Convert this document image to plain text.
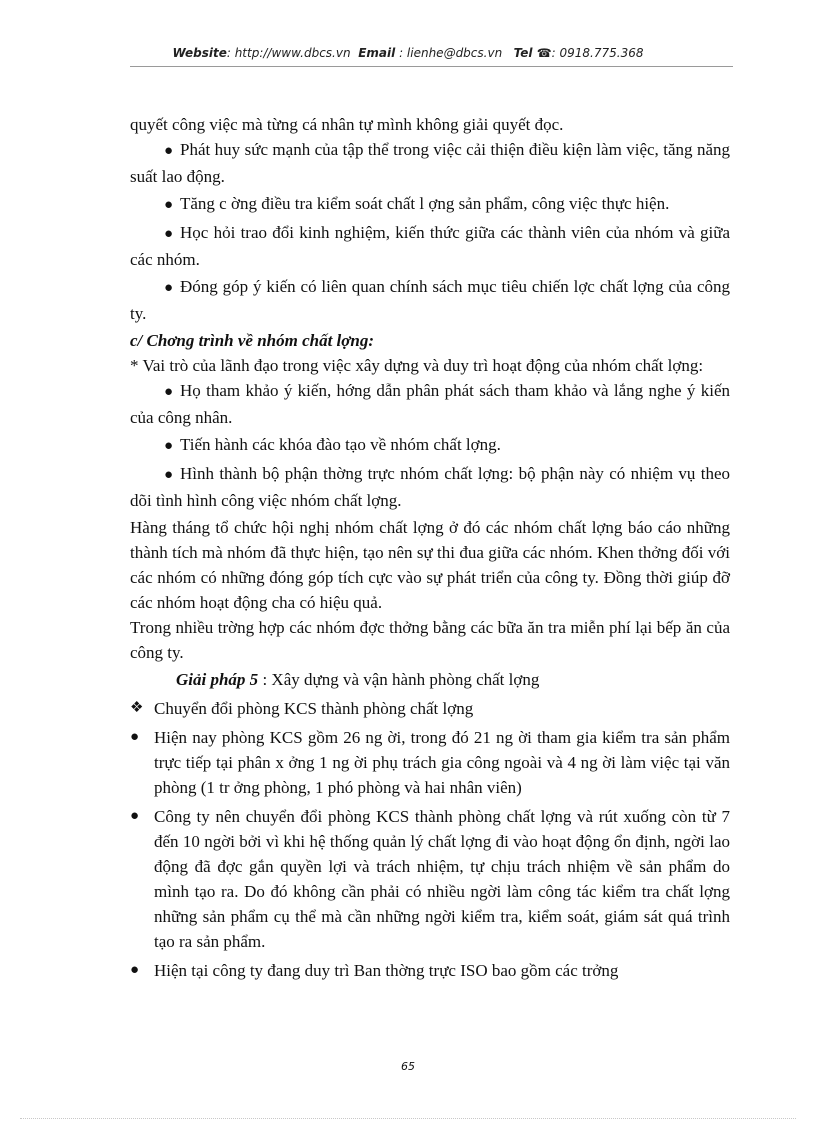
Website: http://www.dbcs.vn Email : lienhe@dbcs.vn Tel ☎: 0918.775.368

quyết công việc mà từng cá nhân tự mình không giải quyết đọc.

● Phát huy sức mạnh của tập thể trong việc cải thiện điều kiện làm việc, tăng năng suất lao động.

● Tăng c ờng điều tra kiểm soát chất l ợng sản phẩm, công việc thực hiện.

● Học hỏi trao đổi kinh nghiệm, kiến thức giữa các thành viên của nhóm và giữa các nhóm.

● Đóng góp ý kiến có liên quan chính sách mục tiêu chiến lợc chất lợng của công ty.

c/ Chơng trình về nhóm chất lợng:

* Vai trò của lãnh đạo trong việc xây dựng và duy trì hoạt động của nhóm chất lợng:

● Họ tham khảo ý kiến, hớng dẫn phân phát sách tham khảo và lắng nghe ý kiến của công nhân.

● Tiến hành các khóa đào tạo về nhóm chất lợng.

● Hình thành bộ phận thờng trực nhóm chất lợng: bộ phận này có nhiệm vụ theo dõi tình hình công việc nhóm chất lợng.

Hàng tháng tổ chức hội nghị nhóm chất lợng ở đó các nhóm chất lợng báo cáo những thành tích mà nhóm đã thực hiện, tạo nên sự thi đua giữa các nhóm. Khen thởng đối với các nhóm có những đóng góp tích cực vào sự phát triển của công ty. Đồng thời giúp đỡ các nhóm hoạt động cha có hiệu quả.

Trong nhiều trờng hợp các nhóm đợc thởng bằng các bữa ăn tra miễn phí lại bếp ăn của công ty.

Giải pháp 5 : Xây dựng và vận hành phòng chất lợng

❖ Chuyển đổi phòng KCS thành phòng chất lợng

● Hiện nay phòng KCS gồm 26 ng ời, trong đó 21 ng ời tham gia kiểm tra sản phẩm trực tiếp tại phân x ởng 1 ng ời phụ trách gia công ngoài và 4 ng ời làm việc tại văn phòng (1 tr ởng phòng, 1 phó phòng và hai nhân viên)

● Công ty nên chuyển đổi phòng KCS thành phòng chất lợng và rút xuống còn từ 7 đến 10 ngời bởi vì khi hệ thống quản lý chất lợng đi vào hoạt động ổn định, ngời lao động đã đợc gắn quyền lợi và trách nhiệm, tự chịu trách nhiệm về sản phẩm do mình tạo ra. Do đó không cần phải có nhiều ngời làm công tác kiểm tra chất lợng những sản phẩm cụ thể mà cần những ngời kiểm tra, kiểm soát, giám sát quá trình tạo ra sản phẩm.

● Hiện tại công ty đang duy trì Ban thờng trực ISO bao gồm các trởng

65
